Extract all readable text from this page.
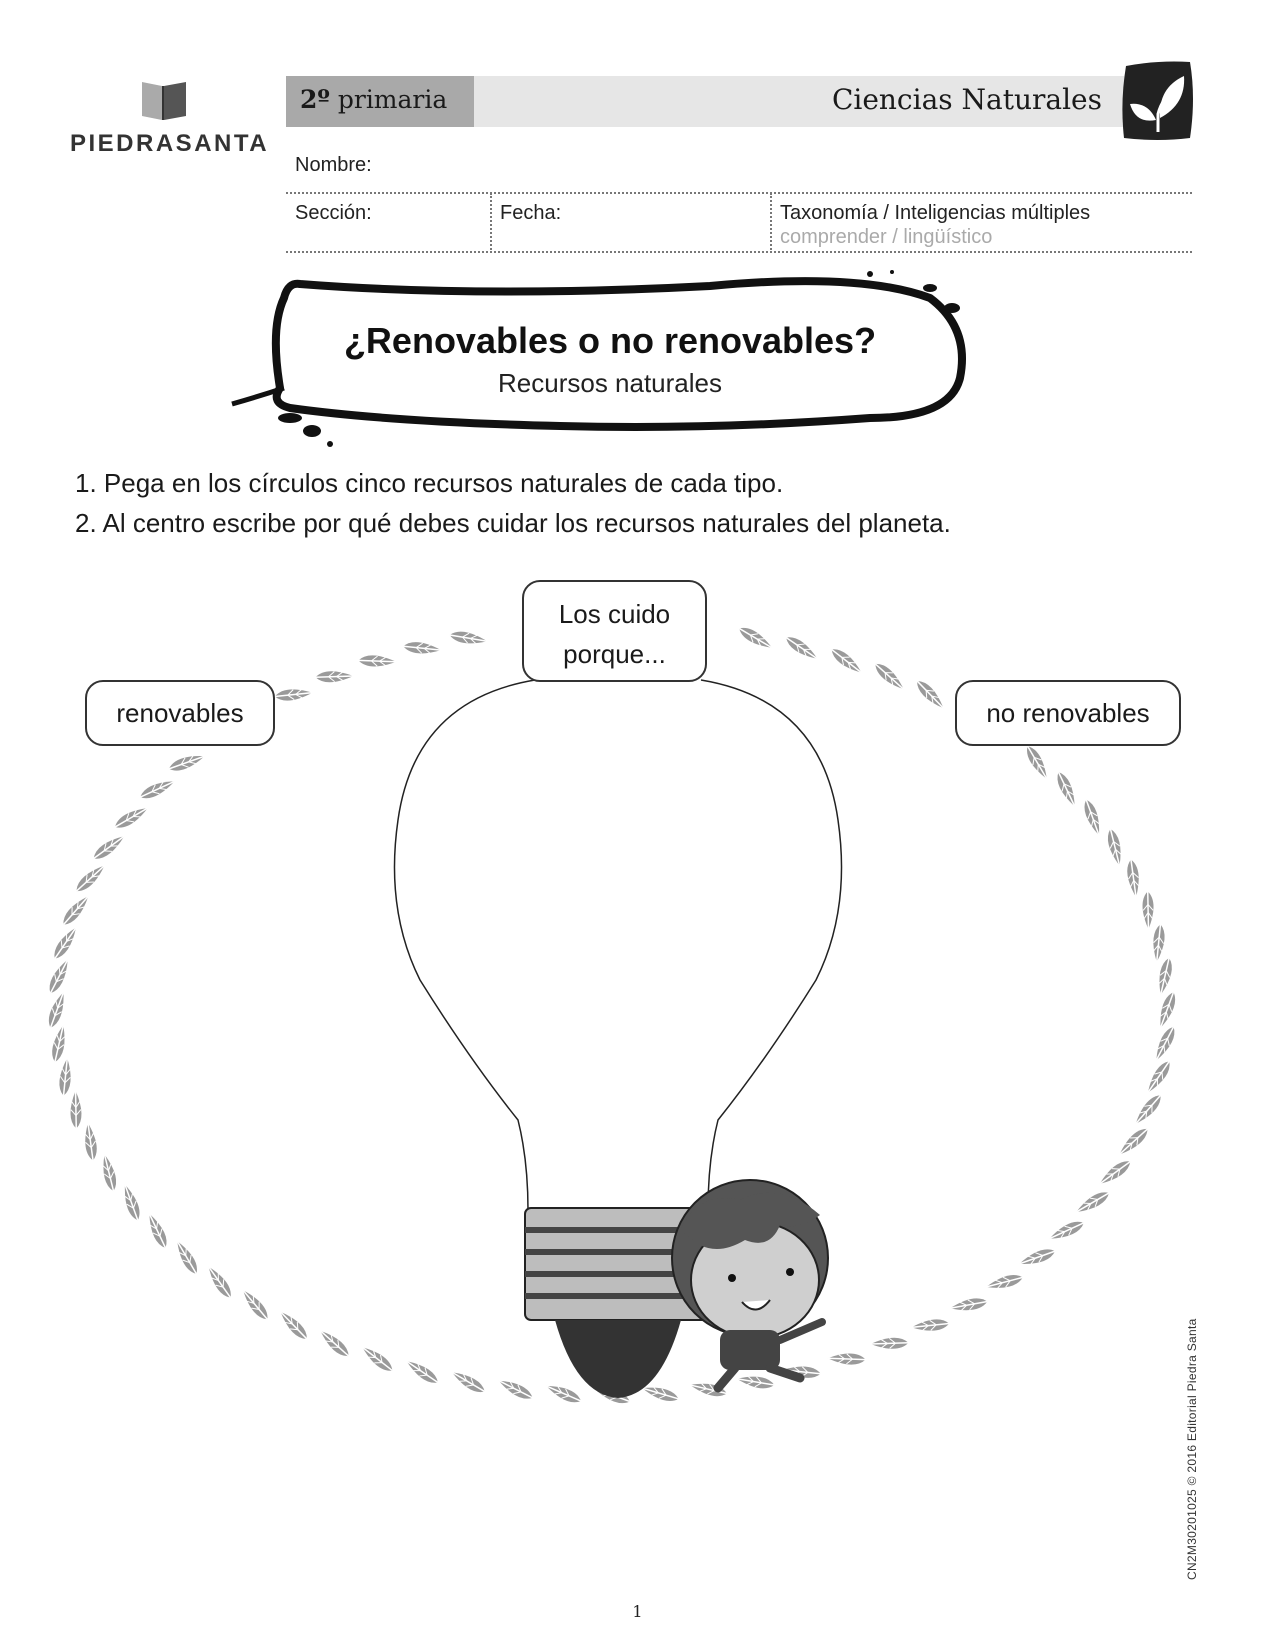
PIEDRASANTA
2º primaria	Ciencias Naturales
Nombre:
Sección:	Fecha:	Taxonomía / Inteligencias múltiples
comprender / lingüístico
¿Renovables o no renovables?
Recursos naturales
1. Pega en los círculos cinco recursos naturales de cada tipo.
2. Al centro escribe por qué debes cuidar los recursos naturales del planeta.
Los cuido
porque...
renovables	no renovables
CN2M30201025 © 2016 Editorial Piedra Santa
1
